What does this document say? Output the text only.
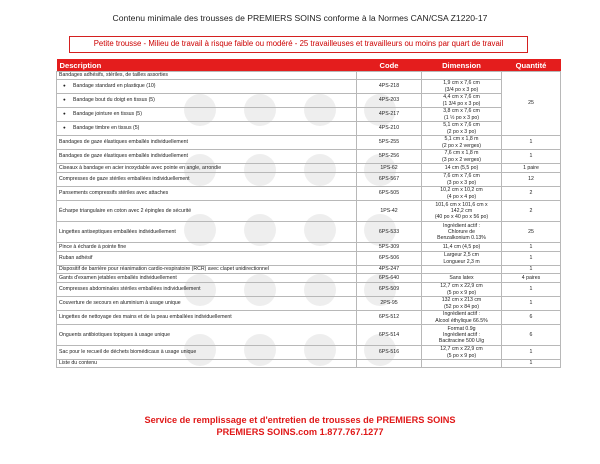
Contenu minimale des trousses de PREMIERS SOINS conforme à la Normes CAN/CSA Z1220-17
Petite trousse - Milieu de travail à risque faible ou modéré - 25 travailleuses et travailleurs ou moins par quart de travail
Description	Code	Dimension	Quantité
Bandages adhésifs, stériles, de tailles assorties			25
● Bandage standard en plastique (10)	4PS-218	1,9 cm x 7,6 cm
(3/4 po x 3 po)	
● Bandage bout du doigt en tissus (5)	4PS-203	4,4 cm x 7,6 cm
(1 3/4 po x 3 po)	
● Bandage jointure en tissus (5)	4PS-217	3,8 cm x 7,6 cm
(1 ½ po x 3 po)	
● Bandage timbre en tissus (5)	4PS-210	5,1 cm x 7,6 cm
(2 po x 3 po)	
Bandages de gaze élastiques emballés individuellement	5PS-255	5,1 cm x 1,8 m
(2 po x 2 verges)	1
Bandages de gaze élastiques emballés individuellement	5PS-256	7,6 cm x 1,8 m
(3 po x 2 verges)	1
Ciseaux à bandage en acier inoxydable avec pointe en angle, arrondie	1PS-62	14 cm (5,5 po)	1 paire
Compresses de gaze stériles emballées individuellement	6PS-567	7,6 cm x 7,6 cm
(3 po x 3 po)	12
Pansements compressifs stériles avec attaches	6PS-505	10,2 cm x 10,2 cm
(4 po x 4 po)	2
Écharpe triangulaire en coton avec 2 épingles de sécurité	1PS-42	101,6 cm x 101,6 cm x
142,2 cm
(40 po x 40 po x 56 po)	2
Lingettes antiseptiques emballées individuellement	6PS-533	Ingrédient actif :
Chlorure de
Benzalkonium 0.13%	25
Pince à écharde à pointe fine	5PS-309	11,4 cm (4,5 po)	1
Ruban adhésif	6PS-506	Largeur 2,5 cm
Longueur 2,3 m	1
Dispositif de barrière pour réanimation cardio-respiratoire (RCR) avec clapet unidirectionnel	4PS-247		1
Gants d'examen jetables emballés individuellement	6PS-640	Sans latex	4 paires
Compresses abdominales stériles emballées individuellement	6PS-509	12,7 cm x 22,9 cm
(5 po x 9 po)	1
Couverture de secours en aluminium à usage unique	2PS-95	132 cm x 213 cm
(52 po x 84 po)	1
Lingettes de nettoyage des mains et de la peau emballées individuellement	6PS-512	Ingrédient actif :
Alcool éthylique 66.5%	6
Onguents antibiotiques topiques à usage unique	6PS-514	Format 0.9g
Ingrédient actif :
Bacitracine 500 U/g	6
Sac pour le recueil de déchets biomédicaux à usage unique	6PS-516	12,7 cm x 22,9 cm
(5 po x 9 po)	1
Liste du contenu			1
Service de remplissage et d'entretien de trousses de PREMIERS SOINS
PREMIERS SOINS.com 1.877.767.1277
